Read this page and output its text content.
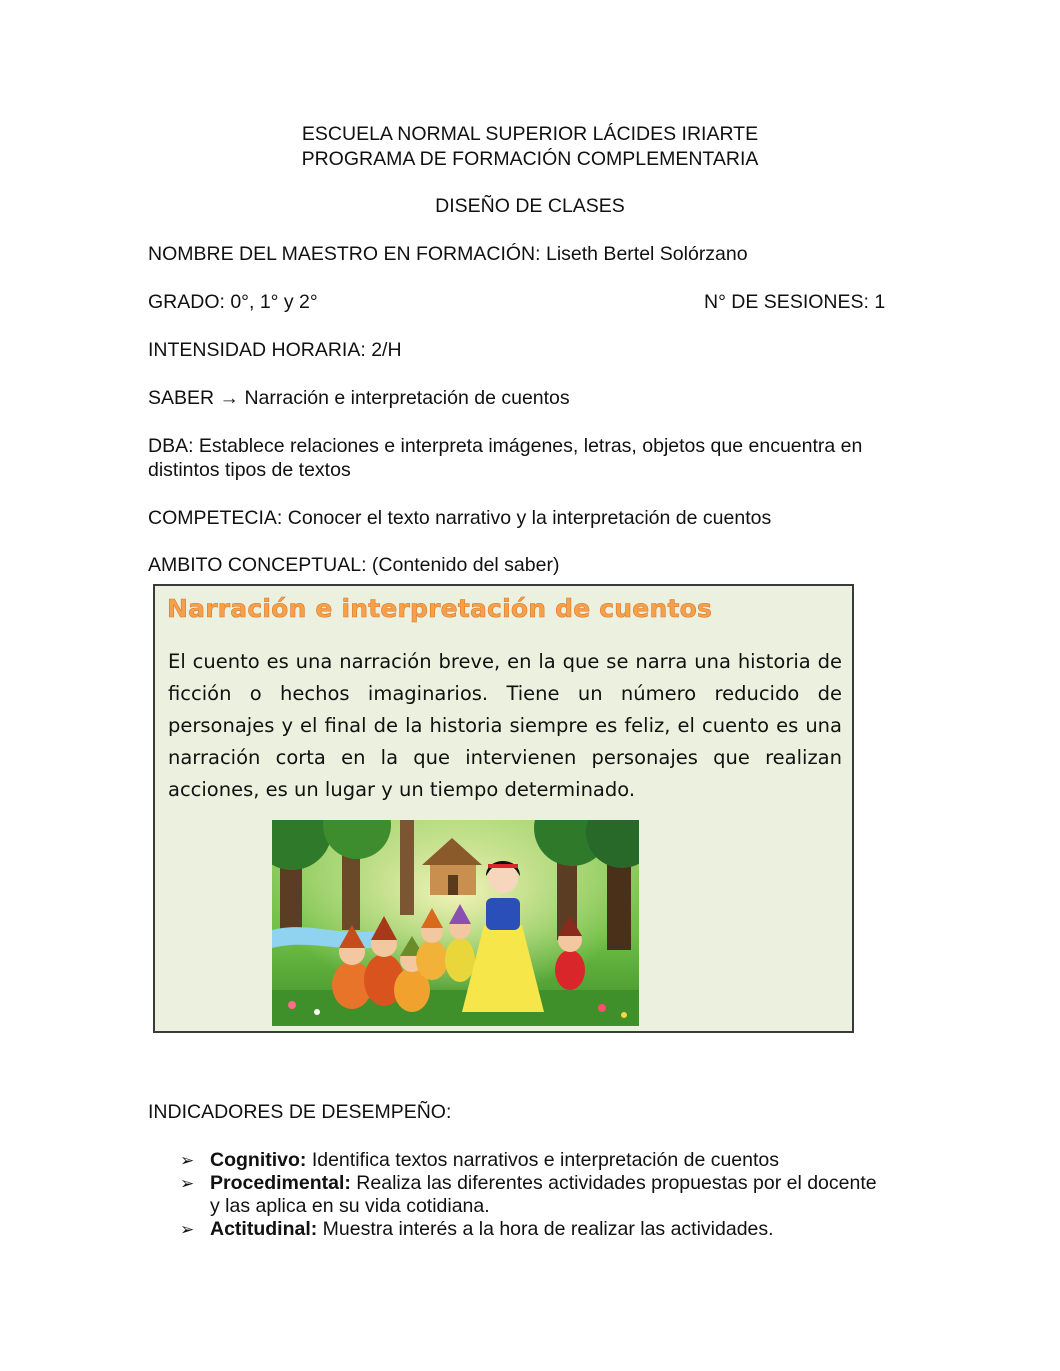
ESCUELA NORMAL SUPERIOR LÁCIDES IRIARTE
PROGRAMA DE FORMACIÓN COMPLEMENTARIA
DISEÑO DE CLASES
NOMBRE DEL MAESTRO EN FORMACIÓN: Liseth Bertel Solórzano
GRADO: 0°, 1° y 2°	N° DE SESIONES: 1
INTENSIDAD HORARIA: 2/H
SABER → Narración e interpretación de cuentos
DBA: Establece relaciones e interpreta imágenes, letras, objetos que encuentra en
distintos tipos de textos
COMPETECIA: Conocer el texto narrativo y la interpretación de cuentos
AMBITO CONCEPTUAL: (Contenido del saber)
Narración e interpretación de cuentos
El cuento es una narración breve, en la que se narra una historia de ficción o hechos imaginarios. Tiene un número reducido de personajes y el final de la historia siempre es feliz, el cuento es una narración corta en la que intervienen personajes que realizan acciones, es un lugar y un tiempo determinado.
INDICADORES DE DESEMPEÑO:
➢ Cognitivo: Identifica textos narrativos e interpretación de cuentos
➢ Procedimental: Realiza las diferentes actividades propuestas por el docente y las aplica en su vida cotidiana.
➢ Actitudinal: Muestra interés a la hora de realizar las actividades.
